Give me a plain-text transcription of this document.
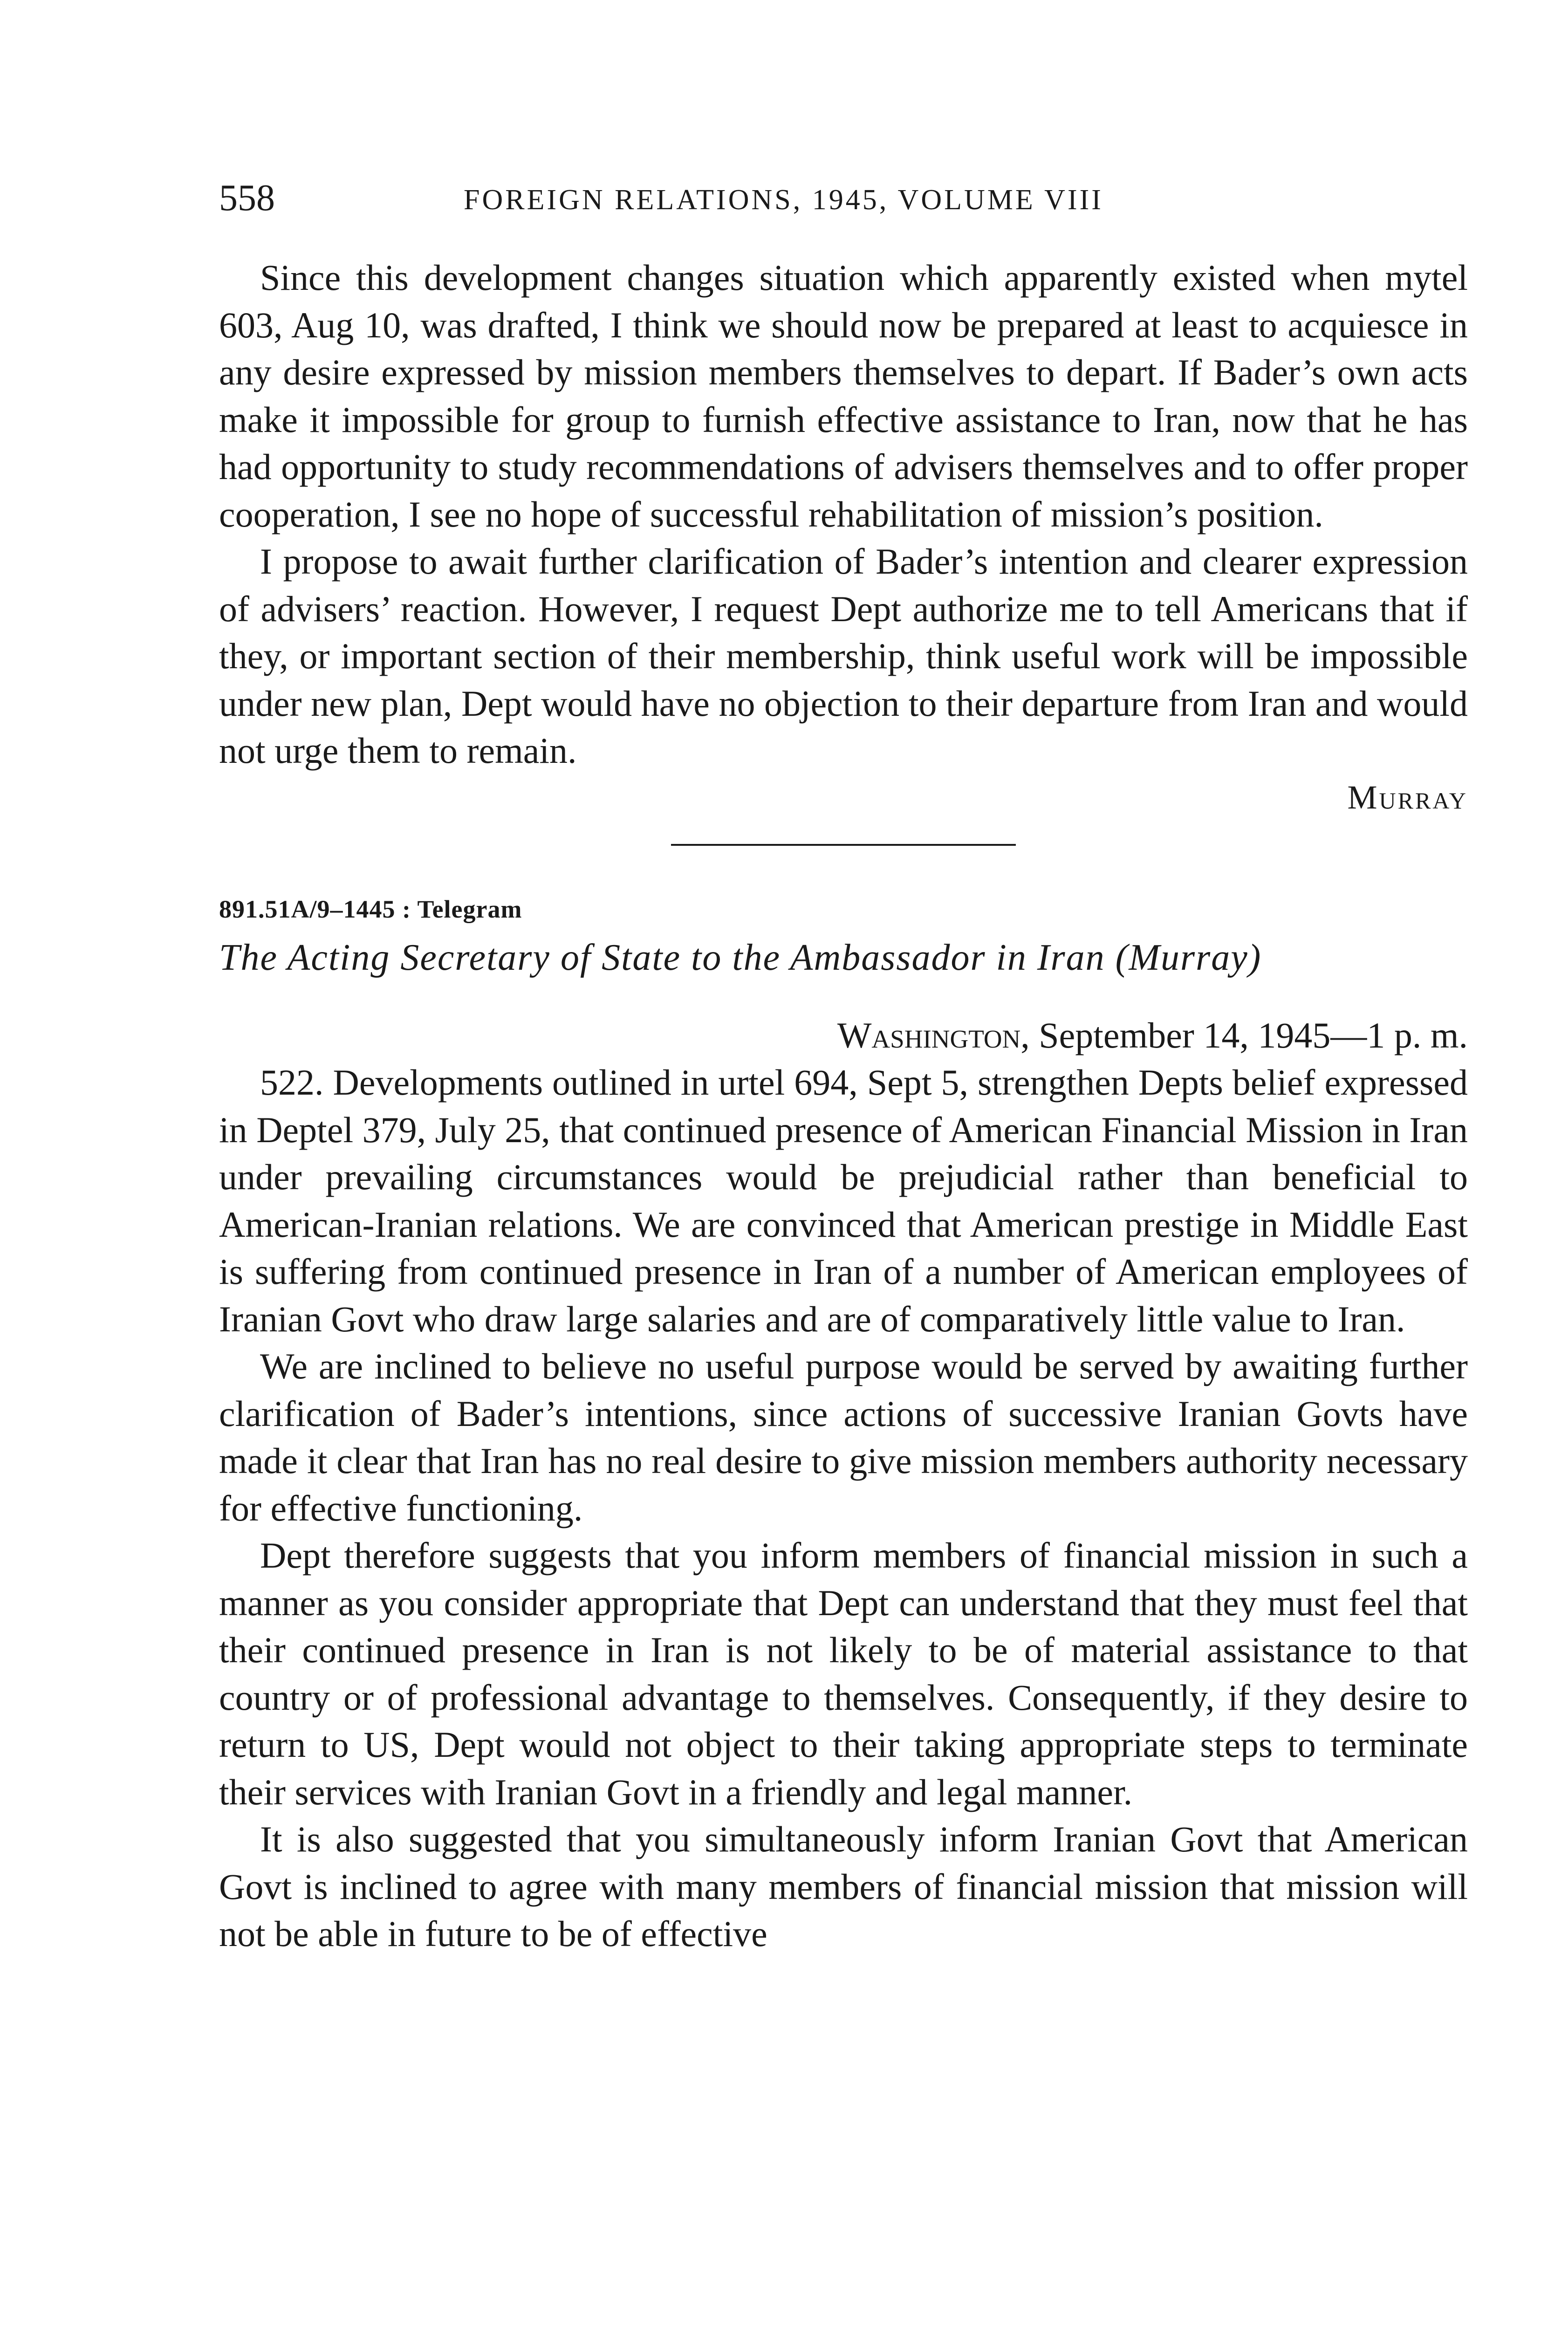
558	FOREIGN RELATIONS, 1945, VOLUME VIII

Since this development changes situation which apparently existed when mytel 603, Aug 10, was drafted, I think we should now be prepared at least to acquiesce in any desire expressed by mission members themselves to depart. If Bader’s own acts make it impossible for group to furnish effective assistance to Iran, now that he has had opportunity to study recommendations of advisers themselves and to offer proper cooperation, I see no hope of successful rehabilitation of mission’s position.

I propose to await further clarification of Bader’s intention and clearer expression of advisers’ reaction. However, I request Dept authorize me to tell Americans that if they, or important section of their membership, think useful work will be impossible under new plan, Dept would have no objection to their departure from Iran and would not urge them to remain.

Murray
891.51A/9–1445 : Telegram
The Acting Secretary of State to the Ambassador in Iran (Murray)
Washington, September 14, 1945—1 p. m.

522. Developments outlined in urtel 694, Sept 5, strengthen Depts belief expressed in Deptel 379, July 25, that continued presence of American Financial Mission in Iran under prevailing circumstances would be prejudicial rather than beneficial to American-Iranian relations. We are convinced that American prestige in Middle East is suffering from continued presence in Iran of a number of American employees of Iranian Govt who draw large salaries and are of comparatively little value to Iran.

We are inclined to believe no useful purpose would be served by awaiting further clarification of Bader’s intentions, since actions of successive Iranian Govts have made it clear that Iran has no real desire to give mission members authority necessary for effective functioning.

Dept therefore suggests that you inform members of financial mission in such a manner as you consider appropriate that Dept can understand that they must feel that their continued presence in Iran is not likely to be of material assistance to that country or of professional advantage to themselves. Consequently, if they desire to return to US, Dept would not object to their taking appropriate steps to terminate their services with Iranian Govt in a friendly and legal manner.

It is also suggested that you simultaneously inform Iranian Govt that American Govt is inclined to agree with many members of financial mission that mission will not be able in future to be of effective
